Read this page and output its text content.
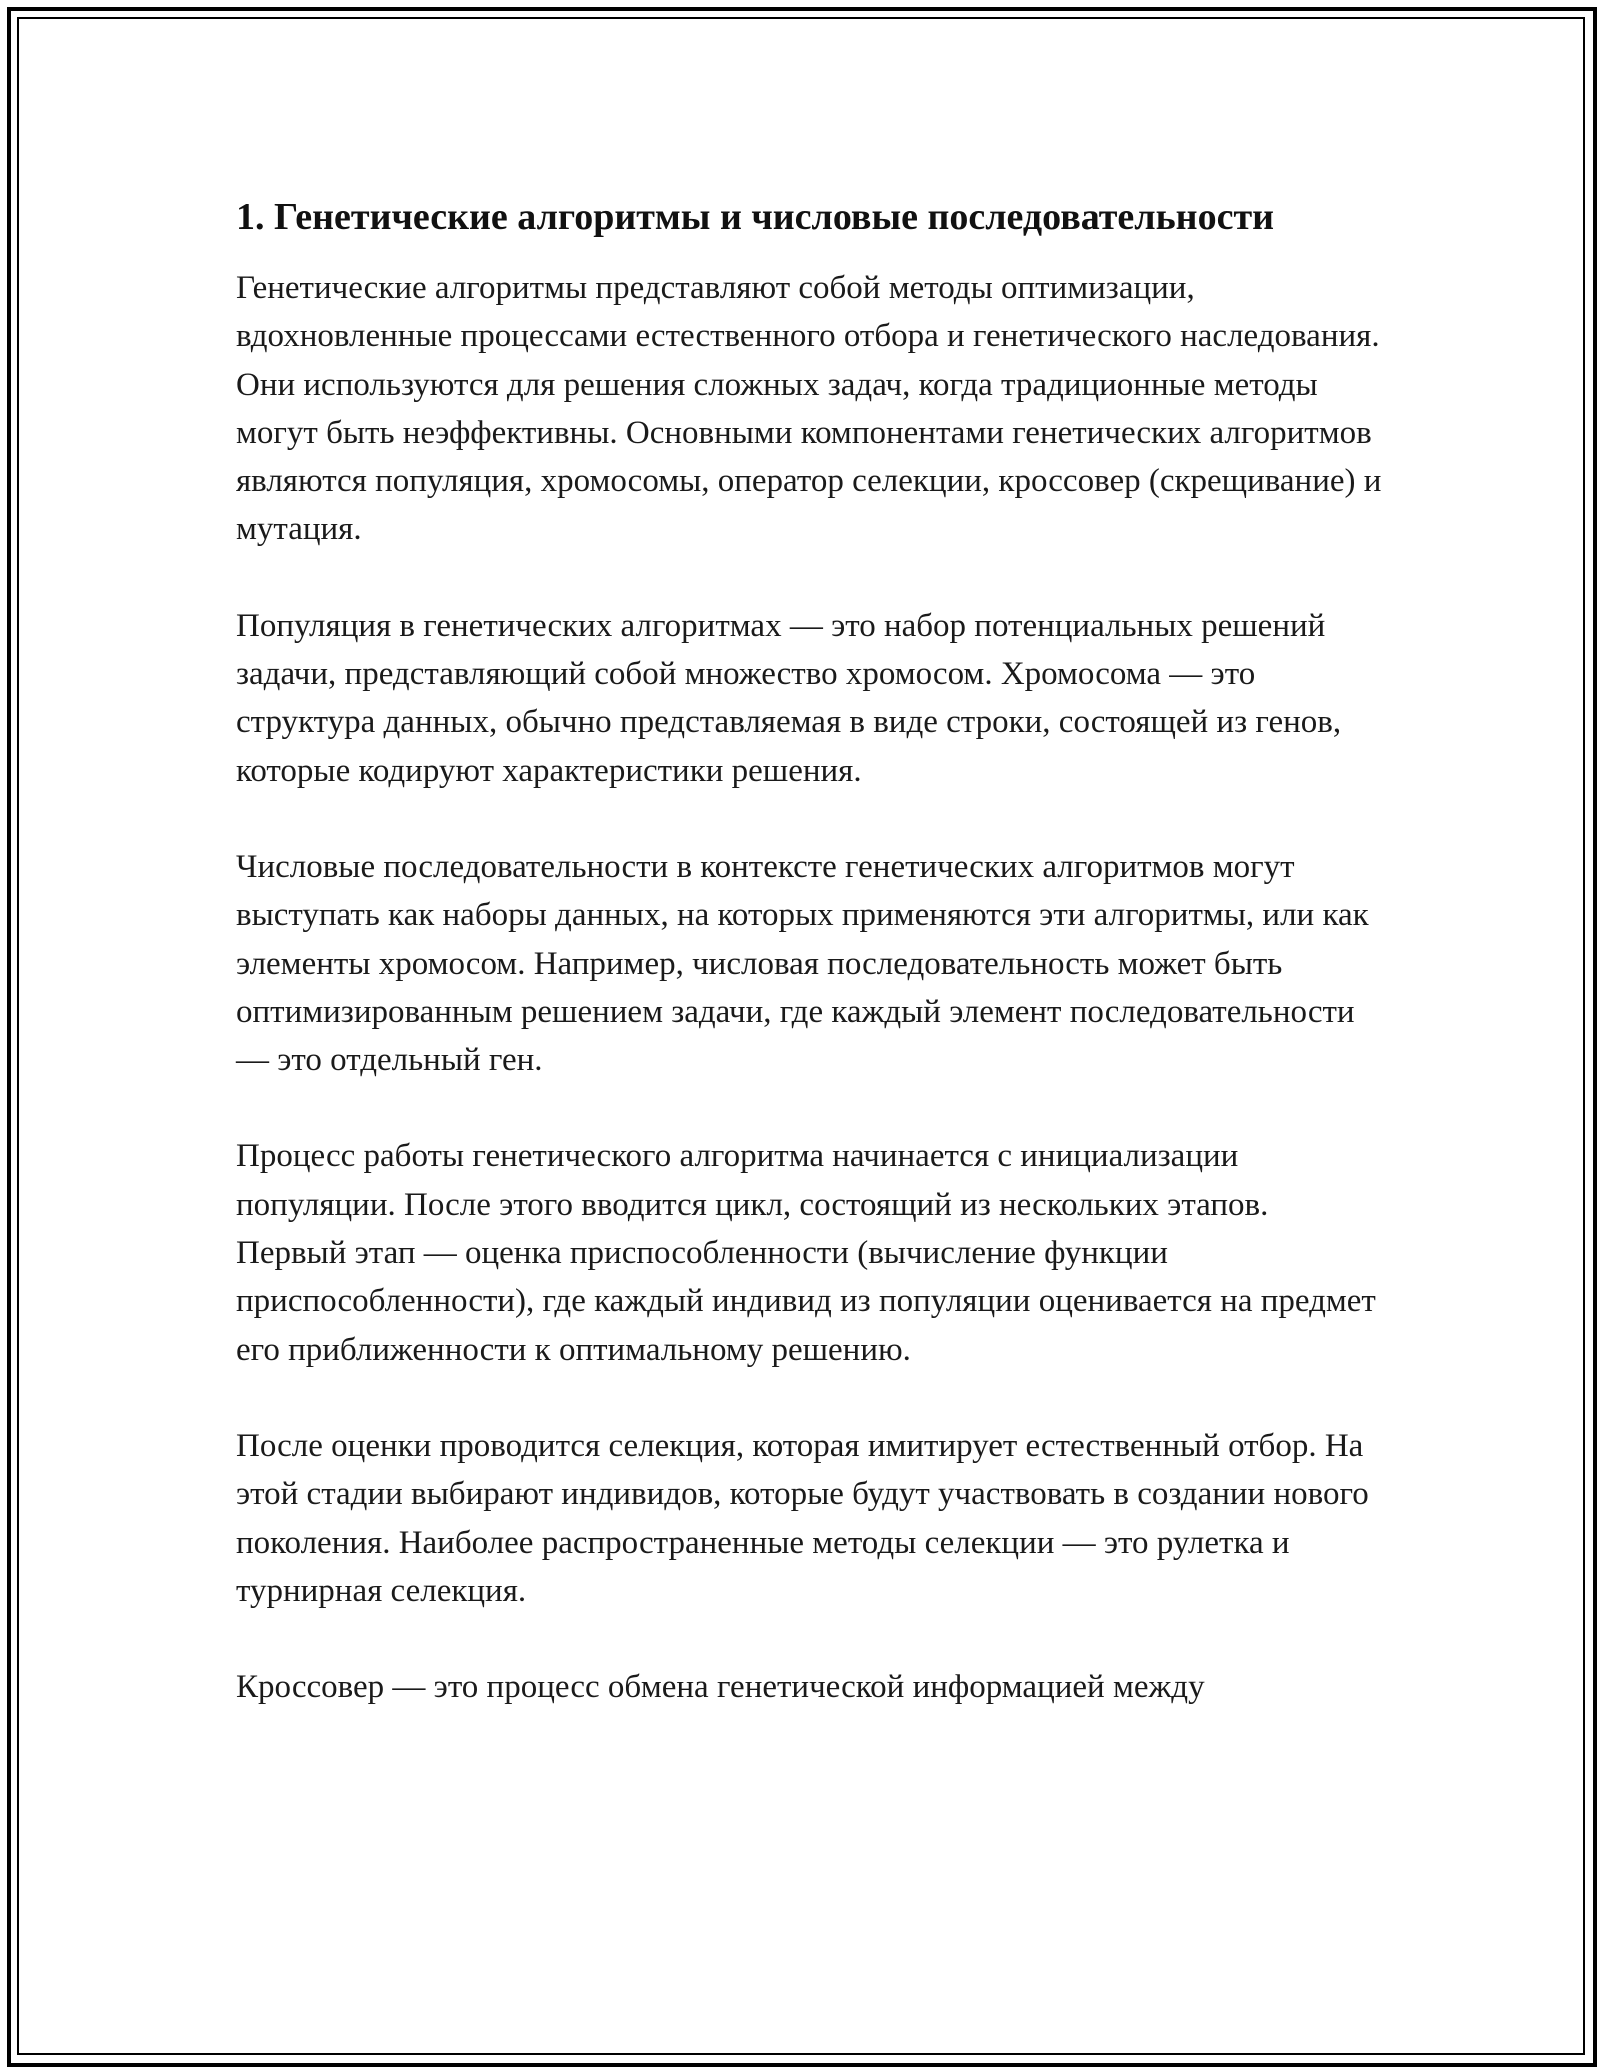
1. Генетические алгоритмы и числовые последовательности

Генетические алгоритмы представляют собой методы оптимизации, вдохновленные процессами естественного отбора и генетического наследования. Они используются для решения сложных задач, когда традиционные методы могут быть неэффективны. Основными компонентами генетических алгоритмов являются популяция, хромосомы, оператор селекции, кроссовер (скрещивание) и мутация.

Популяция в генетических алгоритмах — это набор потенциальных решений задачи, представляющий собой множество хромосом. Хромосома — это структура данных, обычно представляемая в виде строки, состоящей из генов, которые кодируют характеристики решения.

Числовые последовательности в контексте генетических алгоритмов могут выступать как наборы данных, на которых применяются эти алгоритмы, или как элементы хромосом. Например, числовая последовательность может быть оптимизированным решением задачи, где каждый элемент последовательности — это отдельный ген.

Процесс работы генетического алгоритма начинается с инициализации популяции. После этого вводится цикл, состоящий из нескольких этапов. Первый этап — оценка приспособленности (вычисление функции приспособленности), где каждый индивид из популяции оценивается на предмет его приближенности к оптимальному решению.

После оценки проводится селекция, которая имитирует естественный отбор. На этой стадии выбирают индивидов, которые будут участвовать в создании нового поколения. Наиболее распространенные методы селекции — это рулетка и турнирная селекция.

Кроссовер — это процесс обмена генетической информацией между
